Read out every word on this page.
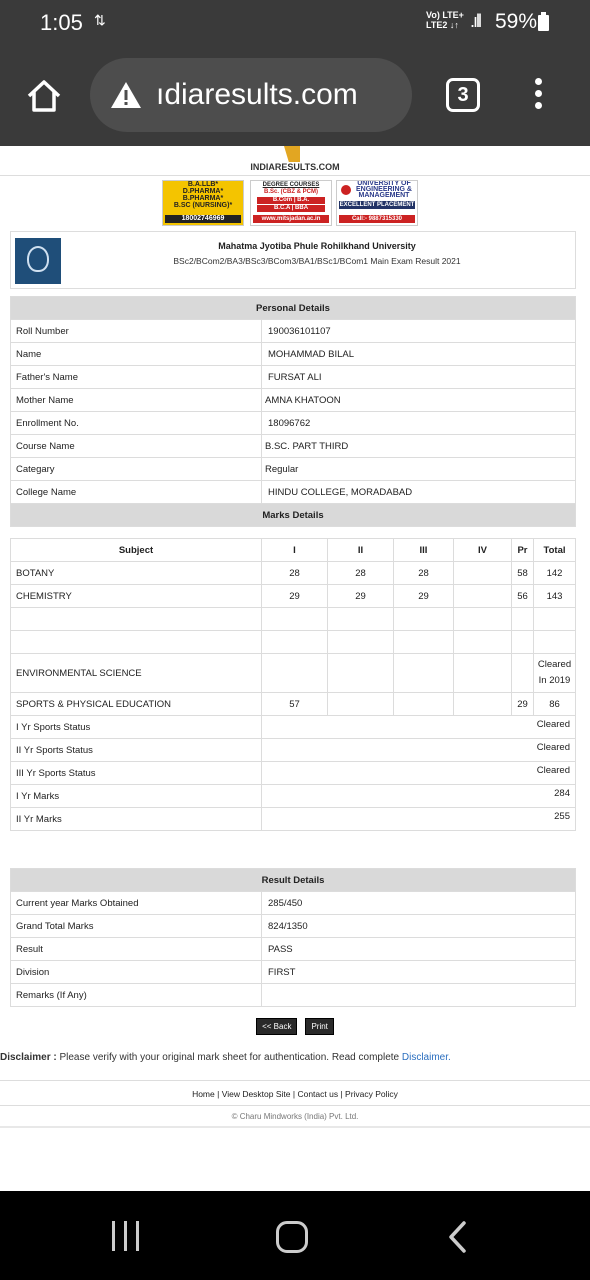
1:05 ⇅	Vo) LTE+
LTE2 ↓↑ .ıll 59%
ıdiaresults.com	3
INDIARESULTS.COM
B.A.LLB*
D.PHARMA*
B.PHARMA*
B.SC (NURSING)*
18002746969
DEGREE COURSES
B.Sc. (CBZ & PCM)
B.Com | B.A.
B.C.A | BBA
www.mitsjadan.ac.in
UNIVERSITY OF
ENGINEERING &
MANAGEMENT
EXCELLENT PLACEMENT
Call:- 9887315330
Mahatma Jyotiba Phule Rohilkhand University
BSc2/BCom2/BA3/BSc3/BCom3/BA1/BSc1/BCom1 Main Exam Result 2021
Personal Details	
Roll Number	190036101107
Name	MOHAMMAD BILAL
Father's Name	FURSAT ALI
Mother Name	AMNA KHATOON
Enrollment No.	18096762
Course Name	B.SC. PART THIRD
Categary	Regular
College Name	HINDU COLLEGE, MORADABAD
Marks Details	
Subject	I	II	III	IV	Pr	Total
BOTANY	28	28	28		58	142
CHEMISTRY	29	29	29		56	143

ENVIRONMENTAL SCIENCE						Cleared
In 2019
SPORTS & PHYSICAL EDUCATION	57				29	86
I Yr Sports Status	Cleared					
II Yr Sports Status	Cleared					
III Yr Sports Status	Cleared					
I Yr Marks	284					
II Yr Marks	255					
Result Details	
Current year Marks Obtained	285/450
Grand Total Marks	824/1350
Result	PASS
Division	FIRST
Remarks (If Any)	
<< Back	Print
Disclaimer : Please verify with your original mark sheet for authentication. Read complete Disclaimer.
Home | View Desktop Site | Contact us | Privacy Policy
© Charu Mindworks (India) Pvt. Ltd.
